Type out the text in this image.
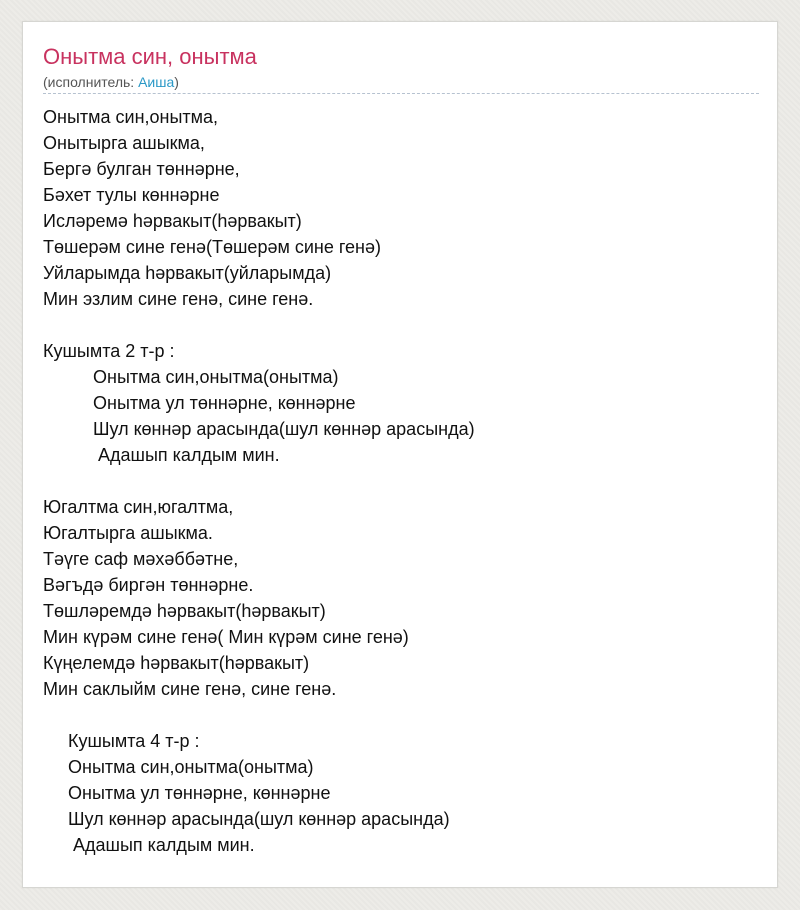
Онытма син, онытма
(исполнитель: Аиша)
Онытма син,онытма,
Онытырга ашыкма,
Бергә булган төннәрне,
Бәхет тулы көннәрне
Исләремә һәрвакыт(һәрвакыт)
Төшерәм сине генә(Төшерәм сине генә)
Уйларымда һәрвакыт(уйларымда)
Мин эзлим сине генә, сине генә.

Кушымта 2 т-р :
Онытма син,онытма(онытма)
Онытма ул төннәрне, көннәрне
Шул көннәр арасында(шул көннәр арасында)
Адашып калдым мин.

Югалтма син,югалтма,
Югалтырга ашыкма.
Тәүге саф мәхәббәтне,
Вәгъдә биргән төннәрне.
Төшләремдә һәрвакыт(һәрвакыт)
Мин күрәм сине генә( Мин күрәм сине генә)
Күңелемдә һәрвакыт(һәрвакыт)
Мин саклыйм сине генә, сине генә.

Кушымта 4 т-р :
Онытма син,онытма(онытма)
Онытма ул төннәрне, көннәрне
Шул көннәр арасында(шул көннәр арасында)
Адашып калдым мин.
